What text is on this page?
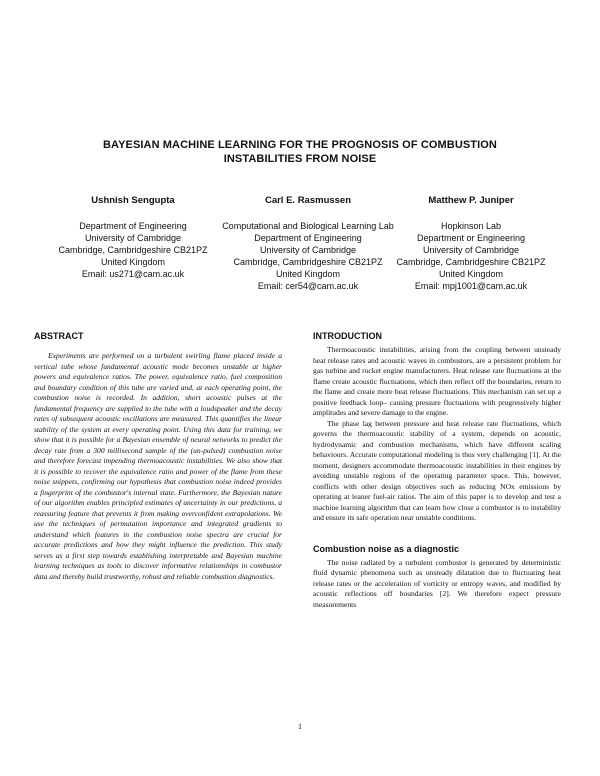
BAYESIAN MACHINE LEARNING FOR THE PROGNOSIS OF COMBUSTION
INSTABILITIES FROM NOISE
Ushnish Sengupta
Department of Engineering
University of Cambridge
Cambridge, Cambridgeshire CB21PZ
United Kingdom
Email: us271@cam.ac.uk
Carl E. Rasmussen
Computational and Biological Learning Lab
Department of Engineering
University of Cambridge
Cambridge, Cambridgeshire CB21PZ
United Kingdom
Email: cer54@cam.ac.uk
Matthew P. Juniper
Hopkinson Lab
Department or Engineering
University of Cambridge
Cambridge, Cambridgeshire CB21PZ
United Kingdom
Email: mpj1001@cam.ac.uk
ABSTRACT

Experiments are performed on a turbulent swirling flame placed inside a vertical tube whose fundamental acoustic mode becomes unstable at higher powers and equivalence ratios. The power, equivalence ratio, fuel composition and boundary condition of this tube are varied and, at each operating point, the combustion noise is recorded. In addition, short acoustic pulses at the fundamental frequency are supplied to the tube with a loudspeaker and the decay rates of subsequent acoustic oscillations are measured. This quantifies the linear stability of the system at every operating point. Using this data for training, we show that it is possible for a Bayesian ensemble of neural networks to predict the decay rate from a 300 millisecond sample of the (un-pulsed) combustion noise and therefore forecast impending thermoacoustic instabilities. We also show that it is possible to recover the equivalence ratio and power of the flame from these noise snippets, confirming our hypothesis that combustion noise indeed provides a fingerprint of the combustor's internal state. Furthermore, the Bayesian nature of our algorithm enables principled estimates of uncertainty in our predictions, a reassuring feature that prevents it from making overconfident extrapolations. We use the techniques of permutation importance and integrated gradients to understand which features in the combustion noise spectra are crucial for accurate predictions and how they might influence the prediction. This study serves as a first step towards establishing interpretable and Bayesian machine learning techniques as tools to discover informative relationships in combustor data and thereby build trustworthy, robust and reliable combustion diagnostics.

INTRODUCTION

Thermoacoustic instabilities, arising from the coupling between unsteady heat release rates and acoustic waves in combustors, are a persistent problem for gas turbine and rocket engine manufacturers. Heat release rate fluctuations at the flame create acoustic fluctuations, which then reflect off the boundaries, return to the flame and create more heat release fluctuations. This mechanism can set up a positive feedback loop– causing pressure fluctuations with progressively higher amplitudes and severe damage to the engine.

The phase lag between pressure and heat release rate fluctuations, which governs the thermoacoustic stability of a system, depends on acoustic, hydrodynamic and combustion mechanisms, which have different scaling behaviours. Accurate computational modeling is thus very challenging [1]. At the moment, designers accommodate thermoacoustic instabilities in their engines by avoiding unstable regions of the operating parameter space. This, however, conflicts with other design objectives such as reducing NOx emissions by operating at leaner fuel-air ratios. The aim of this paper is to develop and test a machine learning algorithm that can learn how close a combustor is to instability and ensure its safe operation near unstable conditions.

Combustion noise as a diagnostic

The noise radiated by a turbulent combustor is generated by deterministic fluid dynamic phenomena such as unsteady dilatation due to fluctuating heat release rates or the acceleration of vorticity or entropy waves, and modified by acoustic reflections off boundaries [2]. We therefore expect pressure measurements

1
